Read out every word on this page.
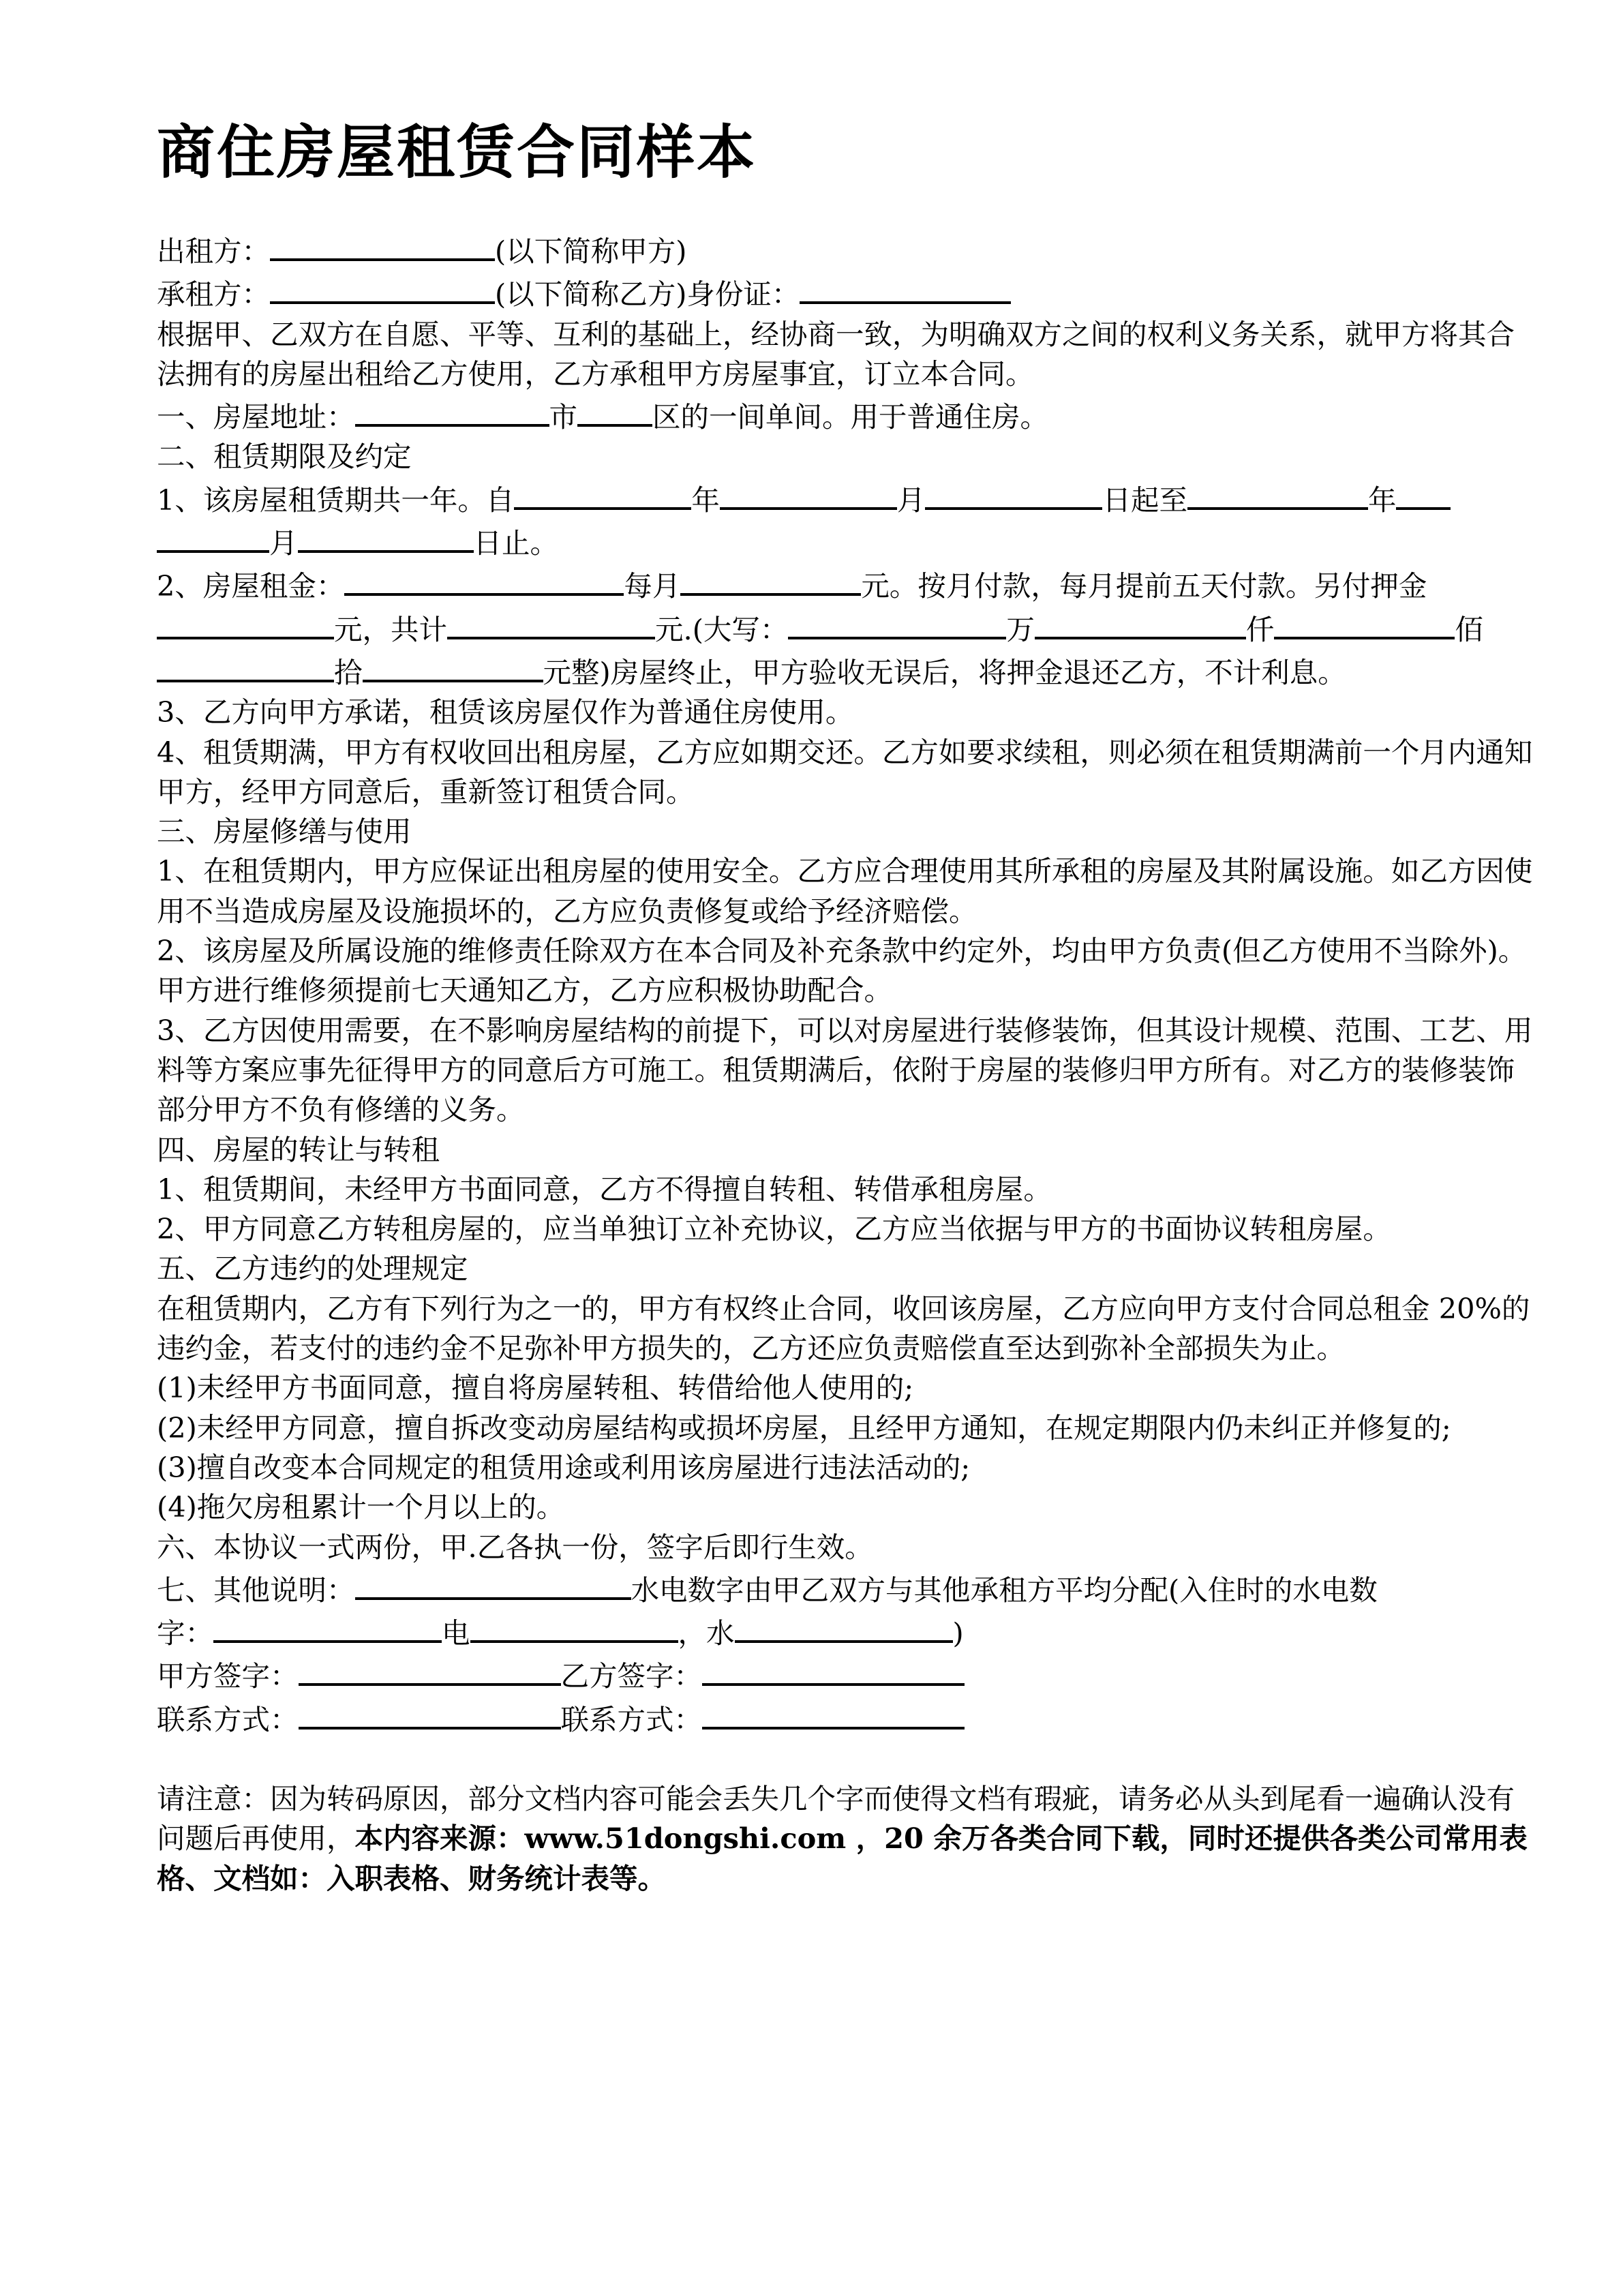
商住房屋租赁合同样本
出租方：	(以下简称甲方)
承租方：	(以下简称乙方)身份证：
根据甲、乙双方在自愿、平等、互利的基础上，经协商一致，为明确双方之间的权利义务关系，就甲方将其合法拥有的房屋出租给乙方使用，乙方承租甲方房屋事宜，订立本合同。
一、房屋地址：	市	区的一间单间。用于普通住房。
二、租赁期限及约定
1、该房屋租赁期共一年。自	年	月	日起至	年
月	日止。
2、房屋租金：	每月	元。按月付款，每月提前五天付款。另付押金
元，共计	元.(大写：	万	仟	佰
拾	元整)房屋终止，甲方验收无误后，将押金退还乙方，不计利息。
3、乙方向甲方承诺，租赁该房屋仅作为普通住房使用。
4、租赁期满，甲方有权收回出租房屋，乙方应如期交还。乙方如要求续租，则必须在租赁期满前一个月内通知甲方，经甲方同意后，重新签订租赁合同。
三、房屋修缮与使用
1、在租赁期内，甲方应保证出租房屋的使用安全。乙方应合理使用其所承租的房屋及其附属设施。如乙方因使用不当造成房屋及设施损坏的，乙方应负责修复或给予经济赔偿。
2、该房屋及所属设施的维修责任除双方在本合同及补充条款中约定外，均由甲方负责(但乙方使用不当除外)。甲方进行维修须提前七天通知乙方，乙方应积极协助配合。
3、乙方因使用需要，在不影响房屋结构的前提下，可以对房屋进行装修装饰，但其设计规模、范围、工艺、用料等方案应事先征得甲方的同意后方可施工。租赁期满后，依附于房屋的装修归甲方所有。对乙方的装修装饰部分甲方不负有修缮的义务。
四、房屋的转让与转租
1、租赁期间，未经甲方书面同意，乙方不得擅自转租、转借承租房屋。
2、甲方同意乙方转租房屋的，应当单独订立补充协议，乙方应当依据与甲方的书面协议转租房屋。
五、乙方违约的处理规定
在租赁期内，乙方有下列行为之一的，甲方有权终止合同，收回该房屋，乙方应向甲方支付合同总租金 20%的违约金，若支付的违约金不足弥补甲方损失的，乙方还应负责赔偿直至达到弥补全部损失为止。
(1)未经甲方书面同意，擅自将房屋转租、转借给他人使用的;
(2)未经甲方同意，擅自拆改变动房屋结构或损坏房屋，且经甲方通知，在规定期限内仍未纠正并修复的;
(3)擅自改变本合同规定的租赁用途或利用该房屋进行违法活动的;
(4)拖欠房租累计一个月以上的。
六、本协议一式两份，甲.乙各执一份，签字后即行生效。
七、其他说明：	水电数字由甲乙双方与其他承租方平均分配(入住时的水电数
字：	电	，水	)
甲方签字：	乙方签字：
联系方式：	联系方式：
请注意：因为转码原因，部分文档内容可能会丢失几个字而使得文档有瑕疵，请务必从头到尾看一遍确认没有问题后再使用，本内容来源：www.51dongshi.com ，20 余万各类合同下载，同时还提供各类公司常用表格、文档如：入职表格、财务统计表等。
